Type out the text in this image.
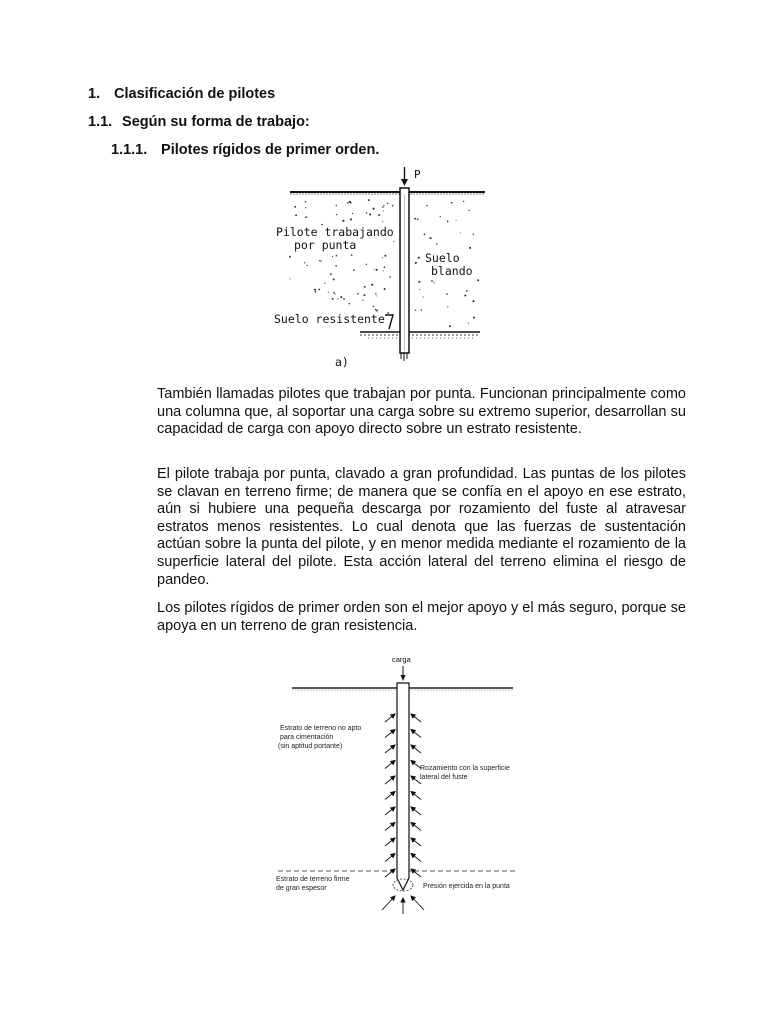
1. Clasificación de pilotes
1.1. Según su forma de trabajo:
1.1.1. Pilotes rígidos de primer orden.
P
Pilote trabajando
por punta
Suelo
blando
Suelo resistente
a)

También llamadas pilotes que trabajan por punta. Funcionan principalmente como una columna que, al soportar una carga sobre su extremo superior, desarrollan su capacidad de carga con apoyo directo sobre un estrato resistente.

El pilote trabaja por punta, clavado a gran profundidad. Las puntas de los pilotes se clavan en terreno firme; de manera que se confía en el apoyo en ese estrato, aún si hubiere una pequeña descarga por rozamiento del fuste al atravesar estratos menos resistentes. Lo cual denota que las fuerzas de sustentación actúan sobre la punta del pilote, y en menor medida mediante el rozamiento de la superficie lateral del pilote. Esta acción lateral del terreno elimina el riesgo de pandeo.

Los pilotes rígidos de primer orden son el mejor apoyo y el más seguro, porque se apoya en un terreno de gran resistencia.

carga
Estrato de terreno no apto
para cimentación
(sin aptitud portante)
Rozamiento con la superficie
lateral del fuste
Estrato de terreno firme
de gran espesor	Presión ejercida en la punta
